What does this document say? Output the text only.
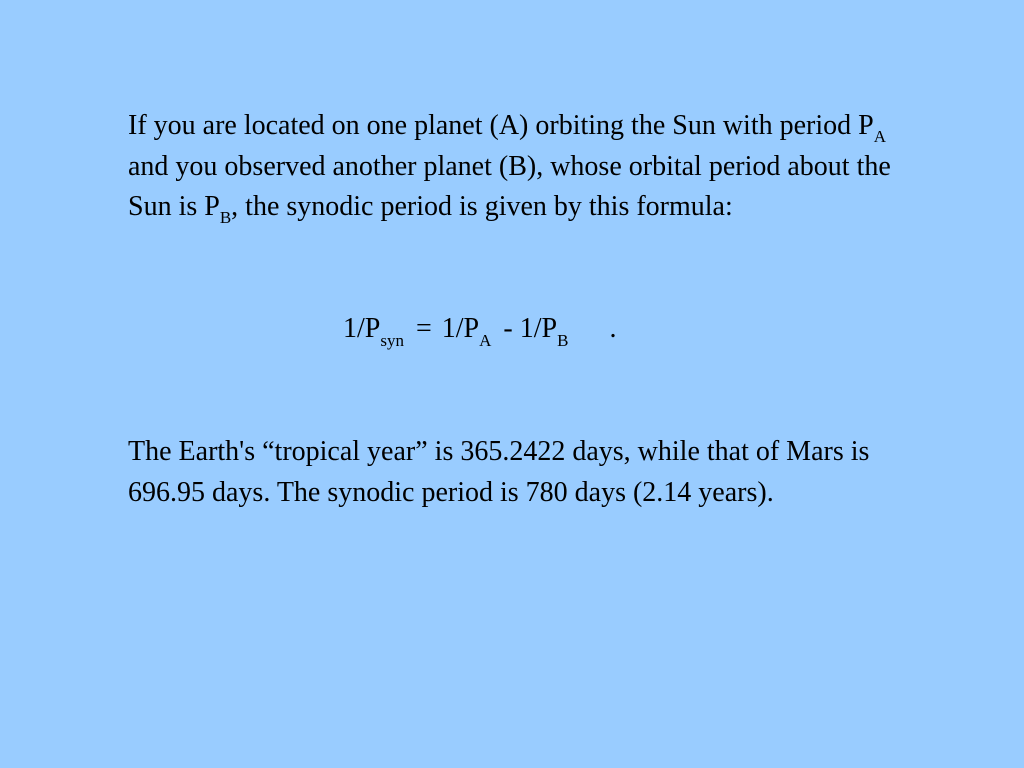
If you are located on one planet (A) orbiting the Sun with period $P_A$ and you observed another planet (B), whose orbital period about the Sun is $P_B$, the synodic period is given by this formula:

$1/P_{syn} = 1/P_A - 1/P_B$ .

The Earth's “tropical year” is 365.2422 days, while that of Mars is 696.95 days. The synodic period is 780 days (2.14 years).
